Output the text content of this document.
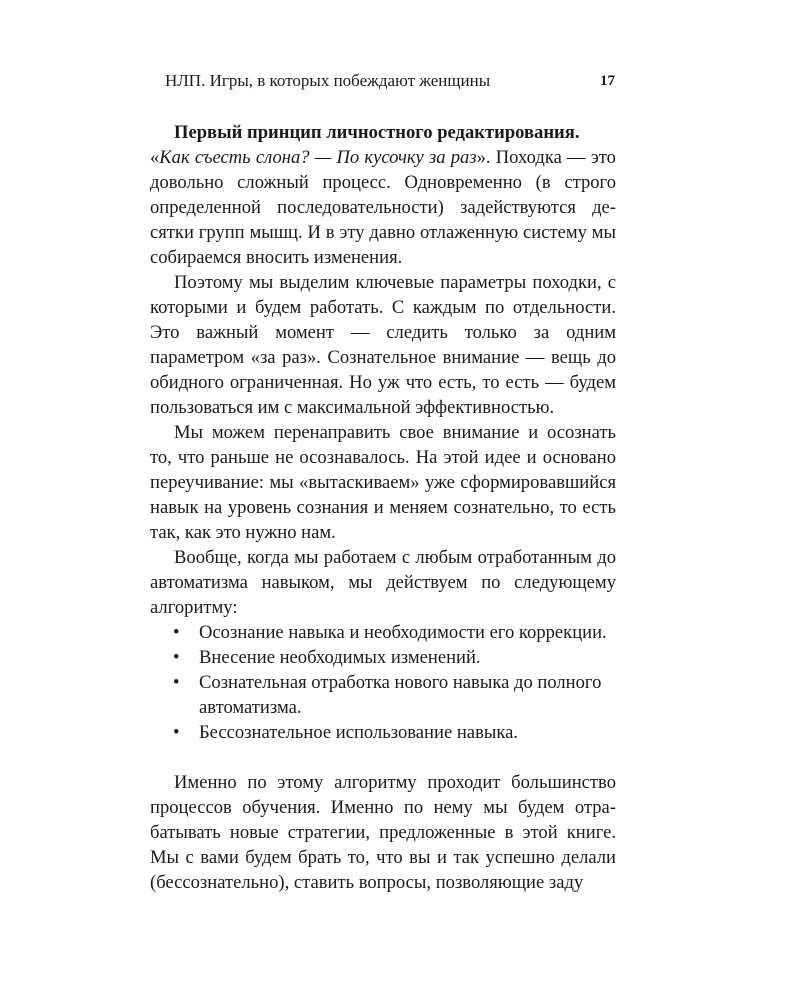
НЛП. Игры, в которых побеждают женщины	17

Первый принцип личностного редактирования.
«Как съесть слона? — По кусочку за раз». Походка — это довольно сложный процесс. Одновременно (в строго определенной последовательности) задействуются десятки групп мышц. И в эту давно отлаженную систему мы собираемся вносить изменения.

Поэтому мы выделим ключевые параметры походки, с которыми и будем работать. С каждым по отдельности. Это важный момент — следить только за одним параметром «за раз». Сознательное внимание — вещь до обидного ограниченная. Но уж что есть, то есть — будем пользоваться им с максимальной эффективностью.

Мы можем перенаправить свое внимание и осознать то, что раньше не осознавалось. На этой идее и основано переучивание: мы «вытаскиваем» уже сформировавшийся навык на уровень сознания и меняем сознательно, то есть так, как это нужно нам.

Вообще, когда мы работаем с любым отработанным до автоматизма навыком, мы действуем по следующему алгоритму:

•	Осознание навыка и необходимости его коррекции.
•	Внесение необходимых изменений.
•	Сознательная отработка нового навыка до полного автоматизма.
•	Бессознательное использование навыка.

Именно по этому алгоритму проходит большинство процессов обучения. Именно по нему мы будем отрабатывать новые стратегии, предложенные в этой книге. Мы с вами будем брать то, что вы и так успешно делали (бессознательно), ставить вопросы, позволяющие заду
